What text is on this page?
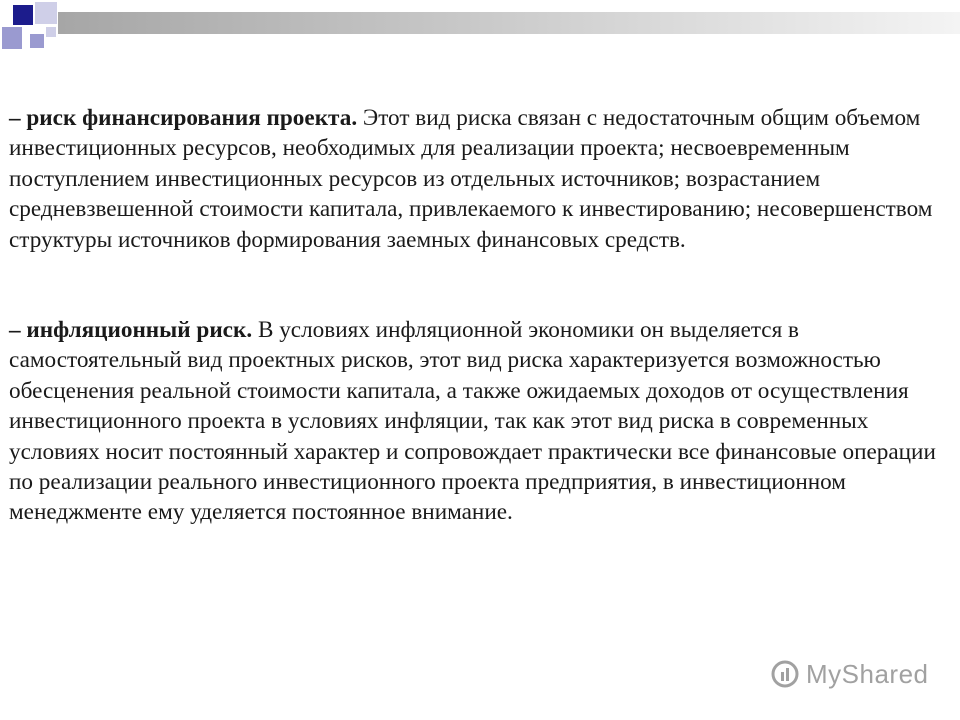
– риск финансирования проекта. Этот вид риска связан с недостаточным общим объемом инвестиционных ресурсов, необходимых для реализации проекта; несвоевременным поступлением инвестиционных ресурсов из отдельных источников; возрастанием средневзвешенной стоимости капитала, привлекаемого к инвестированию; несовершенством структуры источников формирования заемных финансовых средств.

– инфляционный риск. В условиях инфляционной экономики он выделяется в самостоятельный вид проектных рисков, этот вид риска характеризуется возможностью обесценения реальной стоимости капитала, а также ожидаемых доходов от осуществления инвестиционного проекта в условиях инфляции, так как этот вид риска в современных условиях носит постоянный характер и сопровождает практически все финансовые операции по реализации реального инвестиционного проекта предприятия, в инвестиционном менеджменте ему уделяется постоянное внимание.

MyShared
